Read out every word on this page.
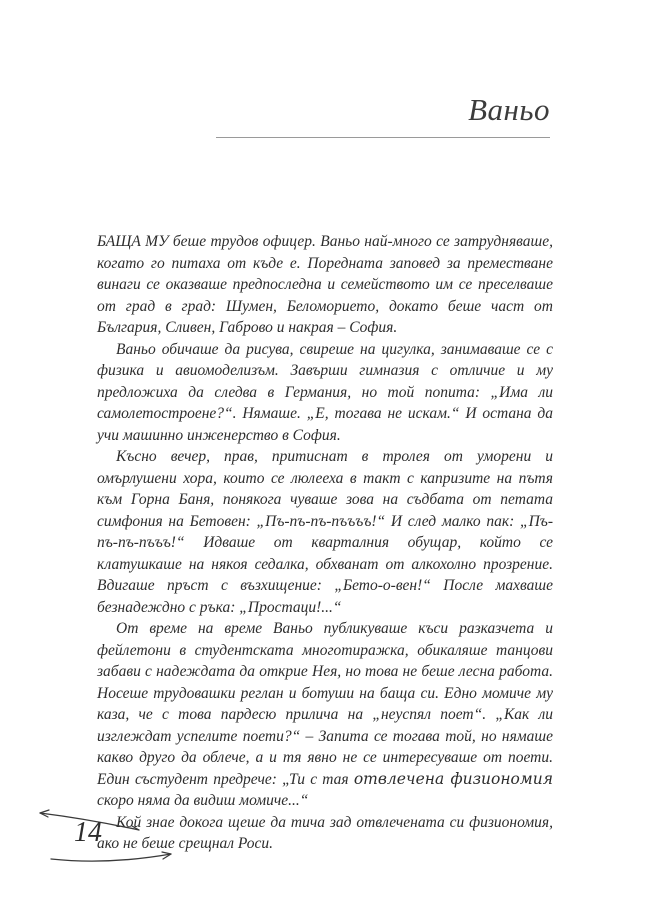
Ваньо

БАЩА МУ беше трудов офицер. Ваньо най-много се затрудняваше, когато го питаха от къде е. Поредната заповед за преместване винаги се оказваше предпоследна и семейството им се преселваше от град в град: Шумен, Беломорието, докато беше част от България, Сливен, Габрово и накрая – София.

Ваньо обичаше да рисува, свиреше на цигулка, занимаваше се с физика и авиомоделизъм. Завърши гимназия с отличие и му предложиха да следва в Германия, но той попита: „Има ли самолетостроене?“. Нямаше. „Е, тогава не искам.“ И остана да учи машинно инженерство в София.

Късно вечер, прав, притиснат в тролея от уморени и омърлушени хора, които се люлееха в такт с капризите на пътя към Горна Баня, понякога чуваше зова на съдбата от петата симфония на Бетовен: „Пъ-пъ-пъ-пъъъъ!“ И след малко пак: „Пъ-пъ-пъ-пъъъ!“ Идваше от кварталния обущар, който се клатушкаше на някоя седалка, обхванат от алкохолно прозрение. Вдигаше пръст с възхищение: „Бето-о-вен!“ После махваше безнадеждно с ръка: „Простаци!...“

От време на време Ваньо публикуваше къси разказчета и фейлетони в студентската многотиражка, обикаляше танцови забави с надеждата да открие Нея, но това не беше лесна работа. Носеше трудовашки реглан и ботуши на баща си. Едно момиче му каза, че с това пардесю прилича на „неуспял поет“. „Как ли изглеждат успелите поети?“ – Запита се тогава той, но нямаше какво друго да облече, а и тя явно не се интересуваше от поети. Един състудент предрече: „Ти с тая отвлечена физиономия скоро няма да видиш момиче...“

Кой знае докога щеше да тича зад отвлечената си физиономия, ако не беше срещнал Роси.

14
